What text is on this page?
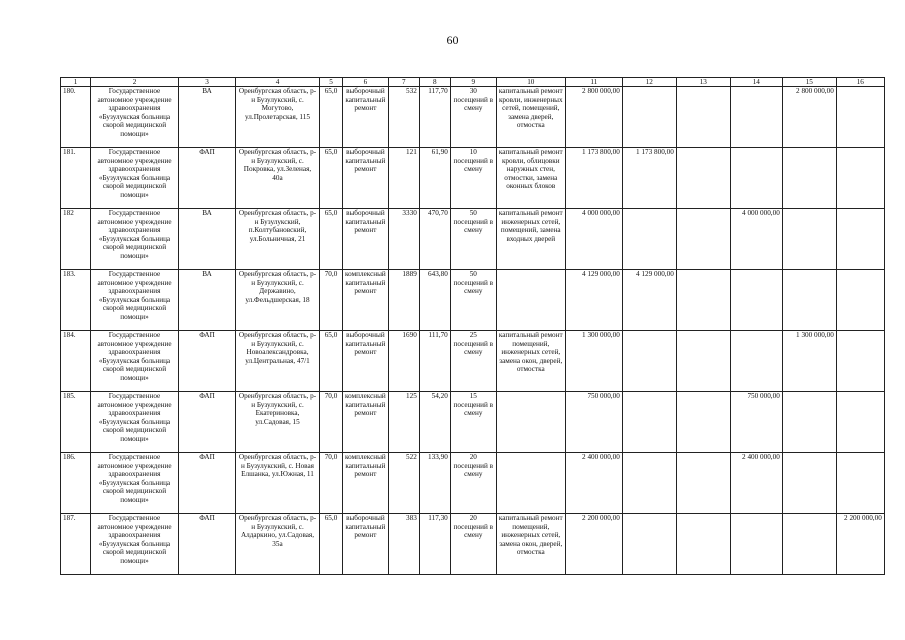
60
1	2	3	4	5	6	7	8	9	10	11	12	13	14	15	16
180.	Государственное автономное учреждение здравоохранения «Бузулукская больница скорой медицинской помощи»	ВА	Оренбургская область, р-н Бузулукский, с. Могутово, ул.Пролетарская, 115	65,0	выборочный капитальный ремонт	532	117,70	30 посещений в смену	капитальный ремонт кровли, инженерных сетей, помещений, замена дверей, отмостка	2 800 000,00				2 800 000,00	
181.	Государственное автономное учреждение здравоохранения «Бузулукская больница скорой медицинской помощи»	ФАП	Оренбургская область, р-н Бузулукский, с. Покровка, ул.Зеленая, 40а	65,0	выборочный капитальный ремонт	121	61,90	10 посещений в смену	капитальный ремонт кровли, облицовки наружных стен, отмостки, замена оконных блоков	1 173 800,00	1 173 800,00				
182	Государственное автономное учреждение здравоохранения «Бузулукская больница скорой медицинской помощи»	ВА	Оренбургская область, р-н Бузулукский, п.Колтубановский, ул.Больничная, 21	65,0	выборочный капитальный ремонт	3330	470,70	50 посещений в смену	капитальный ремонт инженерных сетей, помещений, замена входных дверей	4 000 000,00			4 000 000,00		
183.	Государственное автономное учреждение здравоохранения «Бузулукская больница скорой медицинской помощи»	ВА	Оренбургская область, р-н Бузулукский, с. Державино, ул.Фельдшерская, 18	70,0	комплексный капитальный ремонт	1889	643,80	50 посещений в смену		4 129 000,00	4 129 000,00				
184.	Государственное автономное учреждение здравоохранения «Бузулукская больница скорой медицинской помощи»	ФАП	Оренбургская область, р-н Бузулукский, с. Новоалександровка, ул.Центральная, 47/1	65,0	выборочный капитальный ремонт	1690	111,70	25 посещений в смену	капитальный ремонт помещений, инженерных сетей, замена окон, дверей, отмостка	1 300 000,00				1 300 000,00	
185.	Государственное автономное учреждение здравоохранения «Бузулукская больница скорой медицинской помощи»	ФАП	Оренбургская область, р-н Бузулукский, с. Екатериновка, ул.Садовая, 15	70,0	комплексный капитальный ремонт	125	54,20	15 посещений в смену		750 000,00			750 000,00		
186.	Государственное автономное учреждение здравоохранения «Бузулукская больница скорой медицинской помощи»	ФАП	Оренбургская область, р-н Бузулукский, с. Новая Елшанка, ул.Южная, 11	70,0	комплексный капитальный ремонт	522	133,90	20 посещений в смену		2 400 000,00			2 400 000,00		
187.	Государственное автономное учреждение здравоохранения «Бузулукская больница скорой медицинской помощи»	ФАП	Оренбургская область, р-н Бузулукский, с. Алдаркино, ул.Садовая, 35а	65,0	выборочный капитальный ремонт	383	117,30	20 посещений в смену	капитальный ремонт помещений, инженерных сетей, замена окон, дверей, отмостка	2 200 000,00					2 200 000,00
